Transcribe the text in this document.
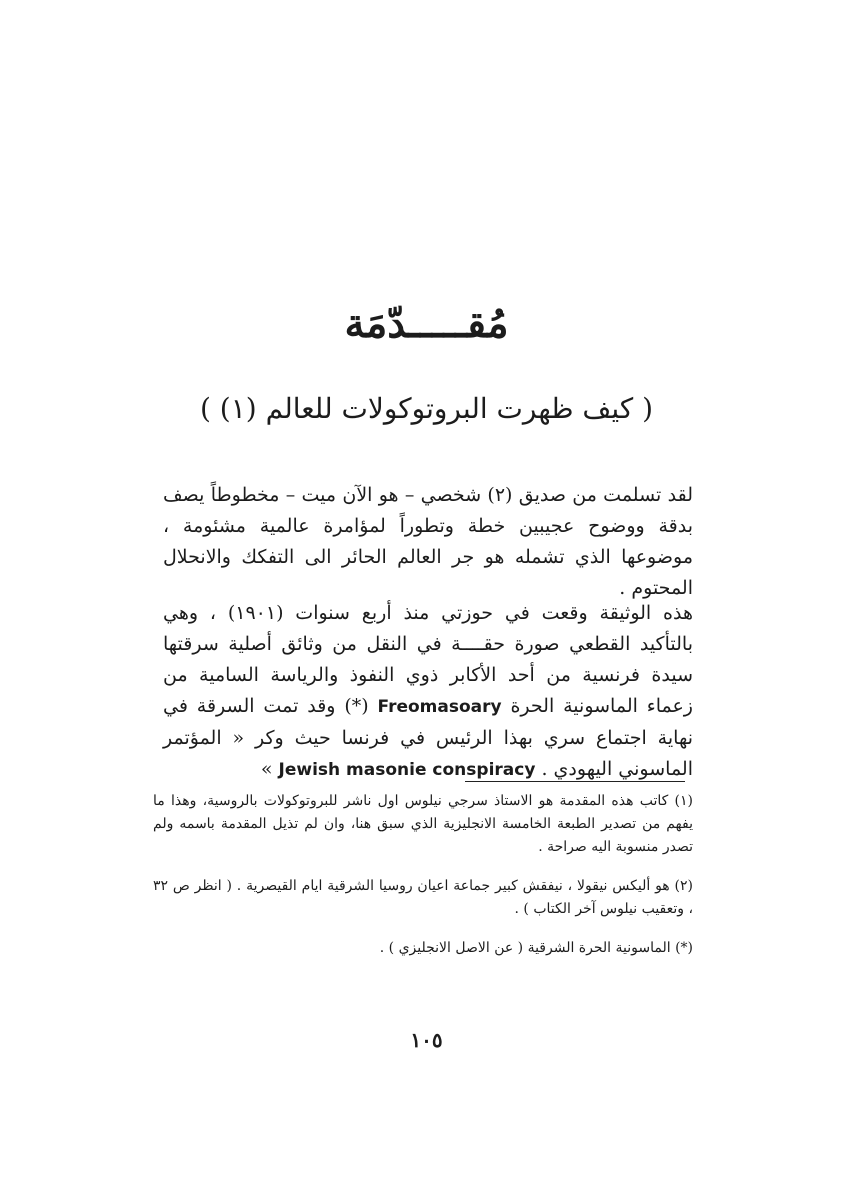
مُقـــــدّمَة
( كيف ظهرت البروتوكولات للعالم (١) )
لقد تسلمت من صديق (٢) شخصي – هو الآن ميت – مخطوطاً يصف بدقة ووضوح عجيبين خطة وتطوراً لمؤامرة عالمية مشئومة ، موضوعها الذي تشمله هو جر العالم الحائر الى التفكك والانحلال المحتوم .
هذه الوثيقة وقعت في حوزتي منذ أربع سنوات (١٩٠١) ، وهي بالتأكيد القطعي صورة حقــــة في النقل من وثائق أصلية سرقتها سيدة فرنسية من أحد الأكابر ذوي النفوذ والرياسة السامية من زعماء الماسونية الحرة Freomasoary (*) وقد تمت السرقة في نهاية اجتماع سري بهذا الرئيس في فرنسا حيث وكر « المؤتمر الماسوني اليهودي . Jewish masonie conspiracy »

(١) كاتب هذه المقدمة هو الاستاذ سرجي نيلوس اول ناشر للبروتوكولات بالروسية، وهذا ما يفهم من تصدير الطبعة الخامسة الانجليزية الذي سبق هنا، وان لم تذيل المقدمة باسمه ولم تصدر منسوبة اليه صراحة .

(٢) هو أليكس نيقولا ، نيفقش كبير جماعة اعيان روسيا الشرقية ايام القيصرية . ( انظر ص ٣٢ ، وتعقيب نيلوس آخر الكتاب ) .

(*) الماسونية الحرة الشرقية ( عن الاصل الانجليزي ) .

١٠٥
